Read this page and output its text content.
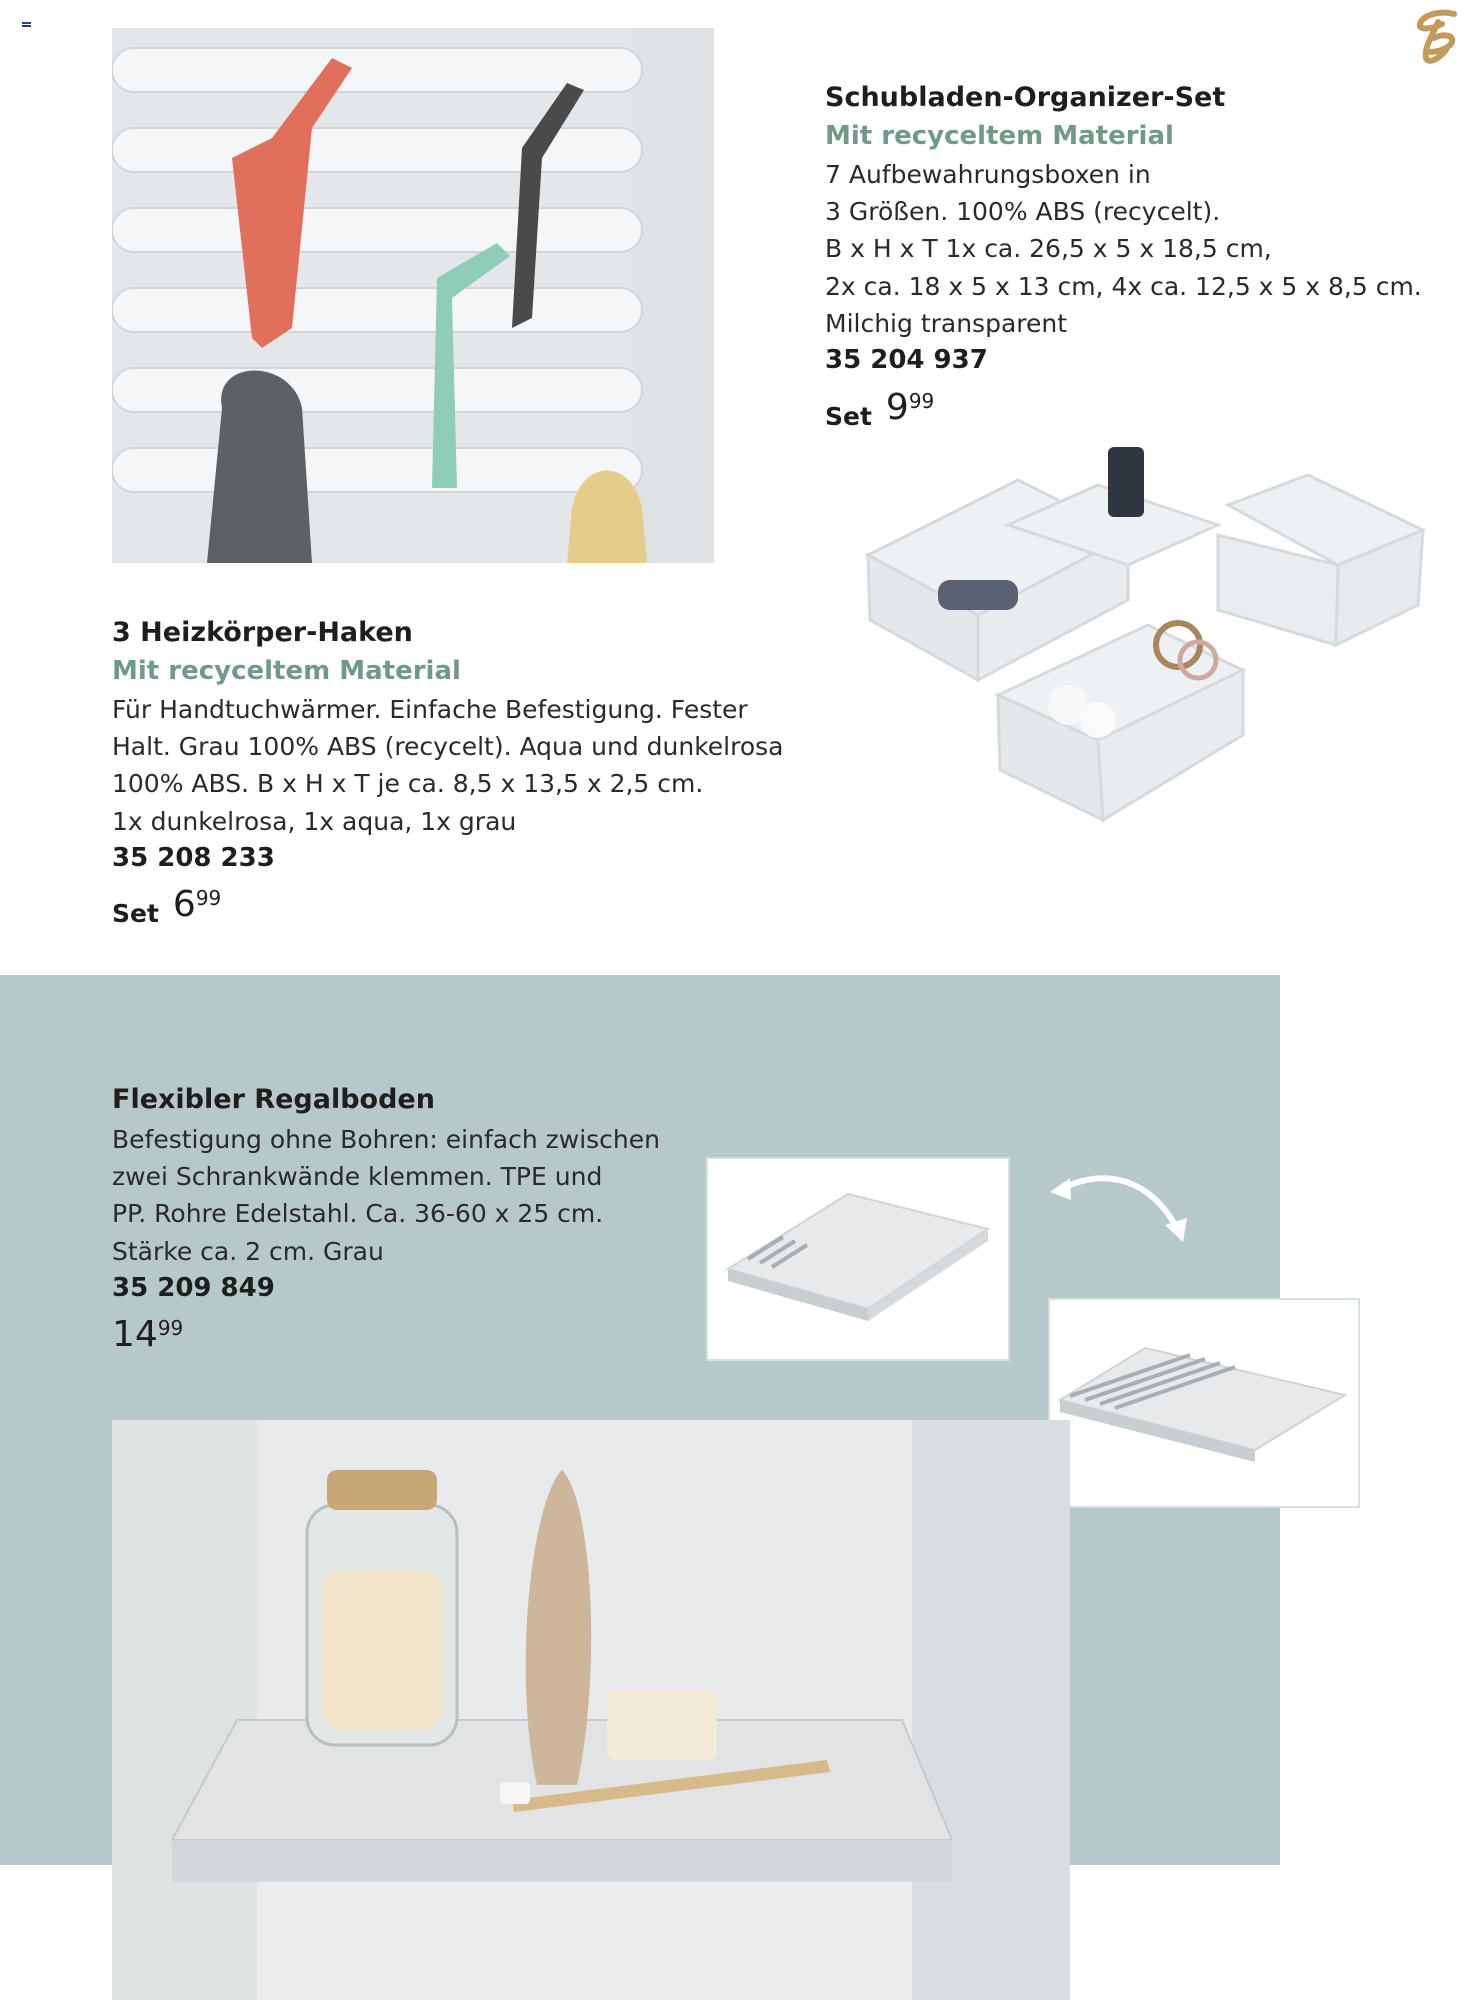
Schubladen-Organizer-Set
Mit recyceltem Material
7 Aufbewahrungsboxen in
3 Größen. 100% ABS (recycelt).
B x H x T 1x ca. 26,5 x 5 x 18,5 cm,
2x ca. 18 x 5 x 13 cm, 4x ca. 12,5 x 5 x 8,5 cm.
Milchig transparent
35 204 937
Set 9 99
3 Heizkörper-Haken
Mit recyceltem Material
Für Handtuchwärmer. Einfache Befestigung. Fester
Halt. Grau 100% ABS (recycelt). Aqua und dunkelrosa
100% ABS. B x H x T je ca. 8,5 x 13,5 x 2,5 cm.
1x dunkelrosa, 1x aqua, 1x grau
35 208 233
Set 6 99
Flexibler Regalboden
Befestigung ohne Bohren: einfach zwischen
zwei Schrankwände klemmen. TPE und
PP. Rohre Edelstahl. Ca. 36-60 x 25 cm.
Stärke ca. 2 cm. Grau
35 209 849
14 99
